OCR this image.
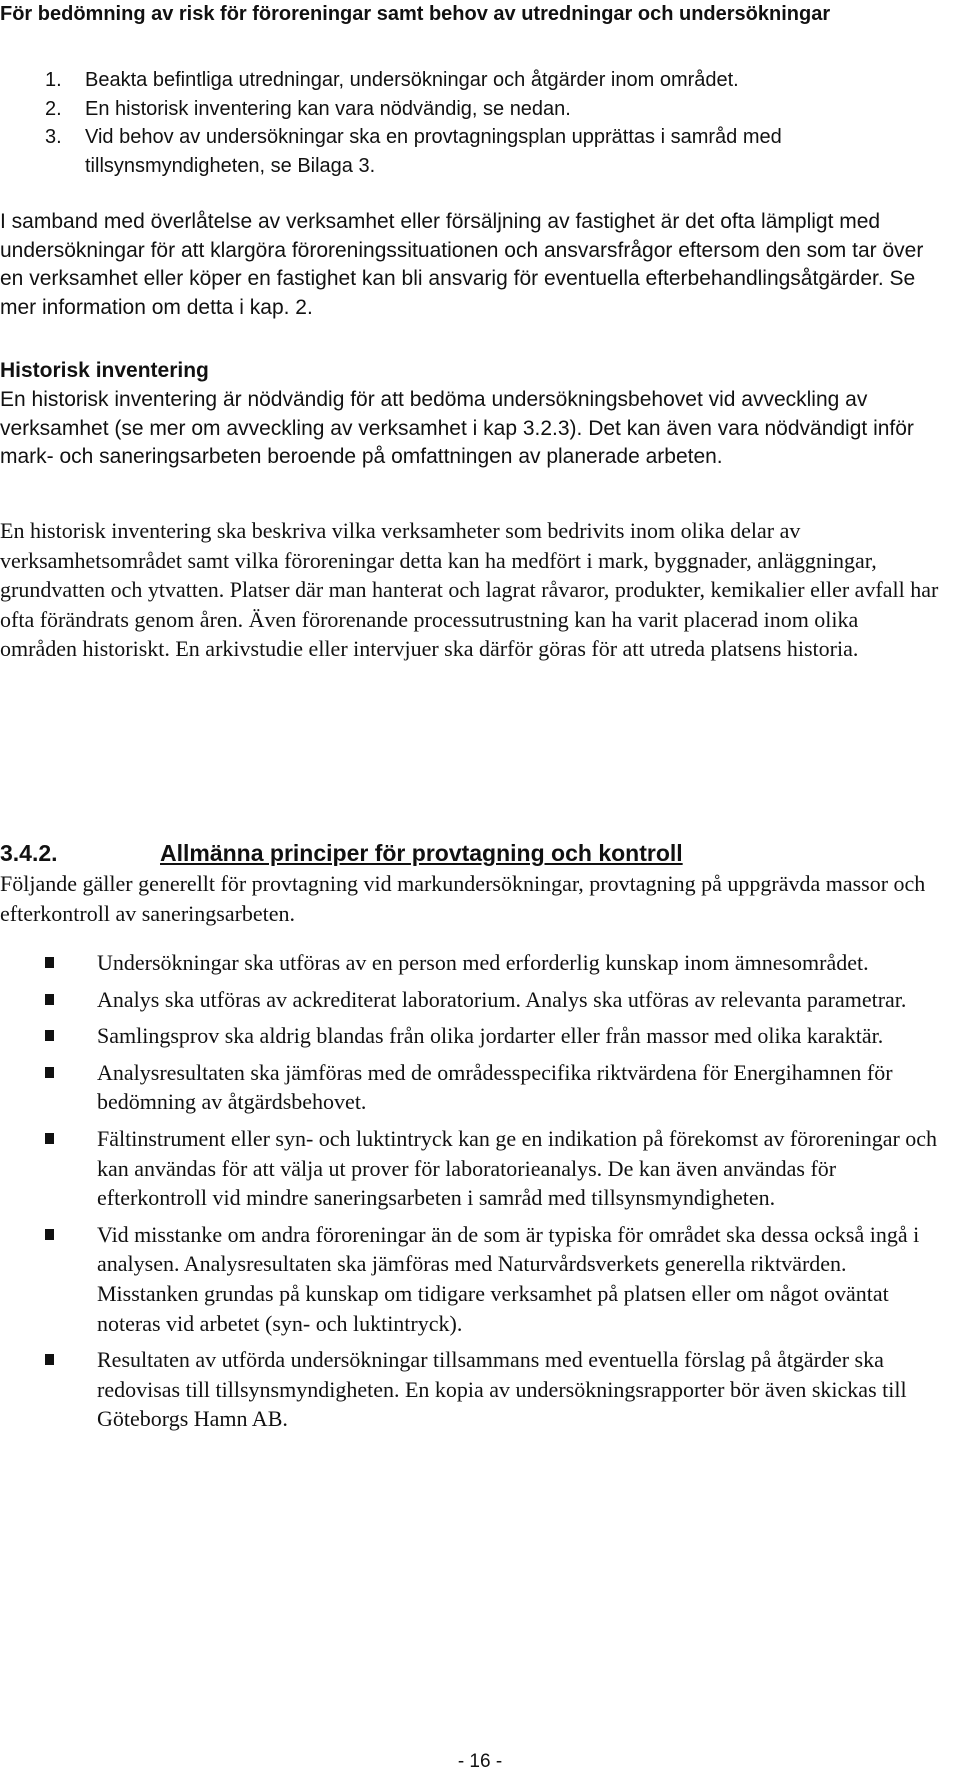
För bedömning av risk för föroreningar samt behov av utredningar och undersökningar
1. Beakta befintliga utredningar, undersökningar och åtgärder inom området.
2. En historisk inventering kan vara nödvändig, se nedan.
3. Vid behov av undersökningar ska en provtagningsplan upprättas i samråd med tillsynsmyndigheten, se Bilaga 3.

I samband med överlåtelse av verksamhet eller försäljning av fastighet är det ofta lämpligt med undersökningar för att klargöra föroreningssituationen och ansvarsfrågor eftersom den som tar över en verksamhet eller köper en fastighet kan bli ansvarig för eventuella efterbehandlingsåtgärder. Se mer information om detta i kap. 2.

Historisk inventering

En historisk inventering är nödvändig för att bedöma undersökningsbehovet vid avveckling av verksamhet (se mer om avveckling av verksamhet i kap 3.2.3). Det kan även vara nödvändigt inför mark- och saneringsarbeten beroende på omfattningen av planerade arbeten.

En historisk inventering ska beskriva vilka verksamheter som bedrivits inom olika delar av verksamhetsområdet samt vilka föroreningar detta kan ha medfört i mark, byggnader, anläggningar, grundvatten och ytvatten. Platser där man hanterat och lagrat råvaror, produkter, kemikalier eller avfall har ofta förändrats genom åren. Även förorenande processutrustning kan ha varit placerad inom olika områden historiskt. En arkivstudie eller intervjuer ska därför göras för att utreda platsens historia.

3.4.2.	Allmänna principer för provtagning och kontroll

Följande gäller generellt för provtagning vid markundersökningar, provtagning på uppgrävda massor och efterkontroll av saneringsarbeten.

Undersökningar ska utföras av en person med erforderlig kunskap inom ämnesområdet.
Analys ska utföras av ackrediterat laboratorium. Analys ska utföras av relevanta parametrar.
Samlingsprov ska aldrig blandas från olika jordarter eller från massor med olika karaktär.
Analysresultaten ska jämföras med de områdesspecifika riktvärdena för Energihamnen för bedömning av åtgärdsbehovet.
Fältinstrument eller syn- och luktintryck kan ge en indikation på förekomst av föroreningar och kan användas för att välja ut prover för laboratorieanalys. De kan även användas för efterkontroll vid mindre saneringsarbeten i samråd med tillsynsmyndigheten.
Vid misstanke om andra föroreningar än de som är typiska för området ska dessa också ingå i analysen. Analysresultaten ska jämföras med Naturvårdsverkets generella riktvärden. Misstanken grundas på kunskap om tidigare verksamhet på platsen eller om något oväntat noteras vid arbetet (syn- och luktintryck).
Resultaten av utförda undersökningar tillsammans med eventuella förslag på åtgärder ska redovisas till tillsynsmyndigheten. En kopia av undersökningsrapporter bör även skickas till Göteborgs Hamn AB.

- 16 -
